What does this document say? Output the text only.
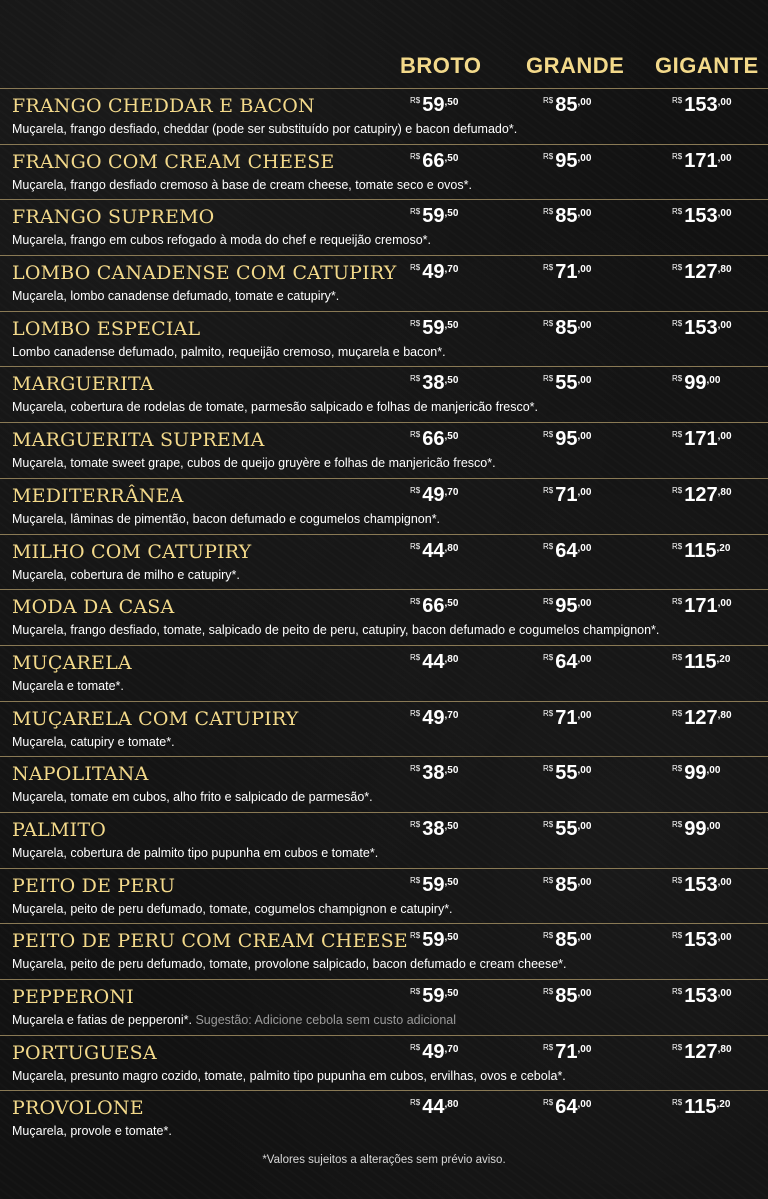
BROTO GRANDE GIGANTE
FRANGO CHEDDAR E BACON
Muçarela, frango desfiado, cheddar (pode ser substituído por catupiry) e bacon defumado*.
$^{R\$}$ $59^{,50}$	$^{R\$}$ $85^{,00}$	$^{R\$}$ $153^{,00}$
FRANGO COM CREAM CHEESE
Muçarela, frango desfiado cremoso à base de cream cheese, tomate seco e ovos*.
$^{R\$}$ $66^{,50}$	$^{R\$}$ $95^{,00}$	$^{R\$}$ $171^{,00}$
FRANGO SUPREMO
Muçarela, frango em cubos refogado à moda do chef e requeijão cremoso*.
$^{R\$}$ $59^{,50}$	$^{R\$}$ $85^{,00}$	$^{R\$}$ $153^{,00}$
LOMBO CANADENSE COM CATUPIRY
Muçarela, lombo canadense defumado, tomate e catupiry*.
$^{R\$}$ $49^{,70}$	$^{R\$}$ $71^{,00}$	$^{R\$}$ $127^{,80}$
LOMBO ESPECIAL
Lombo canadense defumado, palmito, requeijão cremoso, muçarela e bacon*.
$^{R\$}$ $59^{,50}$	$^{R\$}$ $85^{,00}$	$^{R\$}$ $153^{,00}$
MARGUERITA
Muçarela, cobertura de rodelas de tomate, parmesão salpicado e folhas de manjericão fresco*.
$^{R\$}$ $38^{,50}$	$^{R\$}$ $55^{,00}$	$^{R\$}$ $99^{,00}$
MARGUERITA SUPREMA
Muçarela, tomate sweet grape, cubos de queijo gruyère e folhas de manjericão fresco*.
$^{R\$}$ $66^{,50}$	$^{R\$}$ $95^{,00}$	$^{R\$}$ $171^{,00}$
MEDITERRÂNEA
Muçarela, lâminas de pimentão, bacon defumado e cogumelos champignon*.
$^{R\$}$ $49^{,70}$	$^{R\$}$ $71^{,00}$	$^{R\$}$ $127^{,80}$
MILHO COM CATUPIRY
Muçarela, cobertura de milho e catupiry*.
$^{R\$}$ $44^{,80}$	$^{R\$}$ $64^{,00}$	$^{R\$}$ $115^{,20}$
MODA DA CASA
Muçarela, frango desfiado, tomate, salpicado de peito de peru, catupiry, bacon defumado e cogumelos champignon*.
$^{R\$}$ $66^{,50}$	$^{R\$}$ $95^{,00}$	$^{R\$}$ $171^{,00}$
MUÇARELA
Muçarela e tomate*.
$^{R\$}$ $44^{,80}$	$^{R\$}$ $64^{,00}$	$^{R\$}$ $115^{,20}$
MUÇARELA COM CATUPIRY
Muçarela, catupiry e tomate*.
$^{R\$}$ $49^{,70}$	$^{R\$}$ $71^{,00}$	$^{R\$}$ $127^{,80}$
NAPOLITANA
Muçarela, tomate em cubos, alho frito e salpicado de parmesão*.
$^{R\$}$ $38^{,50}$	$^{R\$}$ $55^{,00}$	$^{R\$}$ $99^{,00}$
PALMITO
Muçarela, cobertura de palmito tipo pupunha em cubos e tomate*.
$^{R\$}$ $38^{,50}$	$^{R\$}$ $55^{,00}$	$^{R\$}$ $99^{,00}$
PEITO DE PERU
Muçarela, peito de peru defumado, tomate, cogumelos champignon e catupiry*.
$^{R\$}$ $59^{,50}$	$^{R\$}$ $85^{,00}$	$^{R\$}$ $153^{,00}$
PEITO DE PERU COM CREAM CHEESE
Muçarela, peito de peru defumado, tomate, provolone salpicado, bacon defumado e cream cheese*.
$^{R\$}$ $59^{,50}$	$^{R\$}$ $85^{,00}$	$^{R\$}$ $153^{,00}$
PEPPERONI
Muçarela e fatias de pepperoni*. Sugestão: Adicione cebola sem custo adicional
$^{R\$}$ $59^{,50}$	$^{R\$}$ $85^{,00}$	$^{R\$}$ $153^{,00}$
PORTUGUESA
Muçarela, presunto magro cozido, tomate, palmito tipo pupunha em cubos, ervilhas, ovos e cebola*.
$^{R\$}$ $49^{,70}$	$^{R\$}$ $71^{,00}$	$^{R\$}$ $127^{,80}$
PROVOLONE
Muçarela, provole e tomate*.
$^{R\$}$ $44^{,80}$	$^{R\$}$ $64^{,00}$	$^{R\$}$ $115^{,20}$
*Valores sujeitos a alterações sem prévio aviso.
